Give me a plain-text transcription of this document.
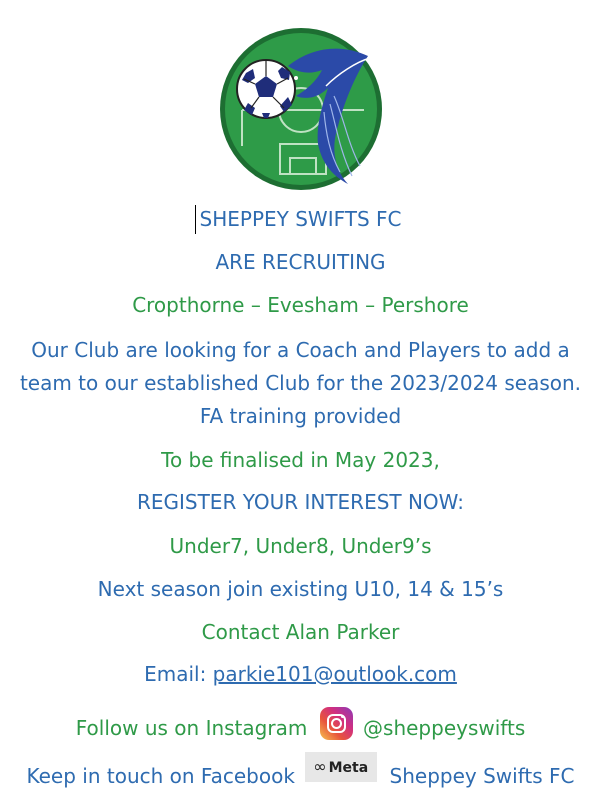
SHEPPEY SWIFTS FC
ARE RECRUITING
Cropthorne – Evesham – Pershore
Our Club are looking for a Coach and Players to add a team to our established Club for the 2023/2024 season. FA training provided
To be finalised in May 2023,
REGISTER YOUR INTEREST NOW:
Under7, Under8, Under9’s
Next season join existing U10, 14 & 15’s
Contact Alan Parker
Email: parkie101@outlook.com
Follow us on Instagram	@sheppeyswifts
Keep in touch on Facebook ∞ Meta Sheppey Swifts FC
